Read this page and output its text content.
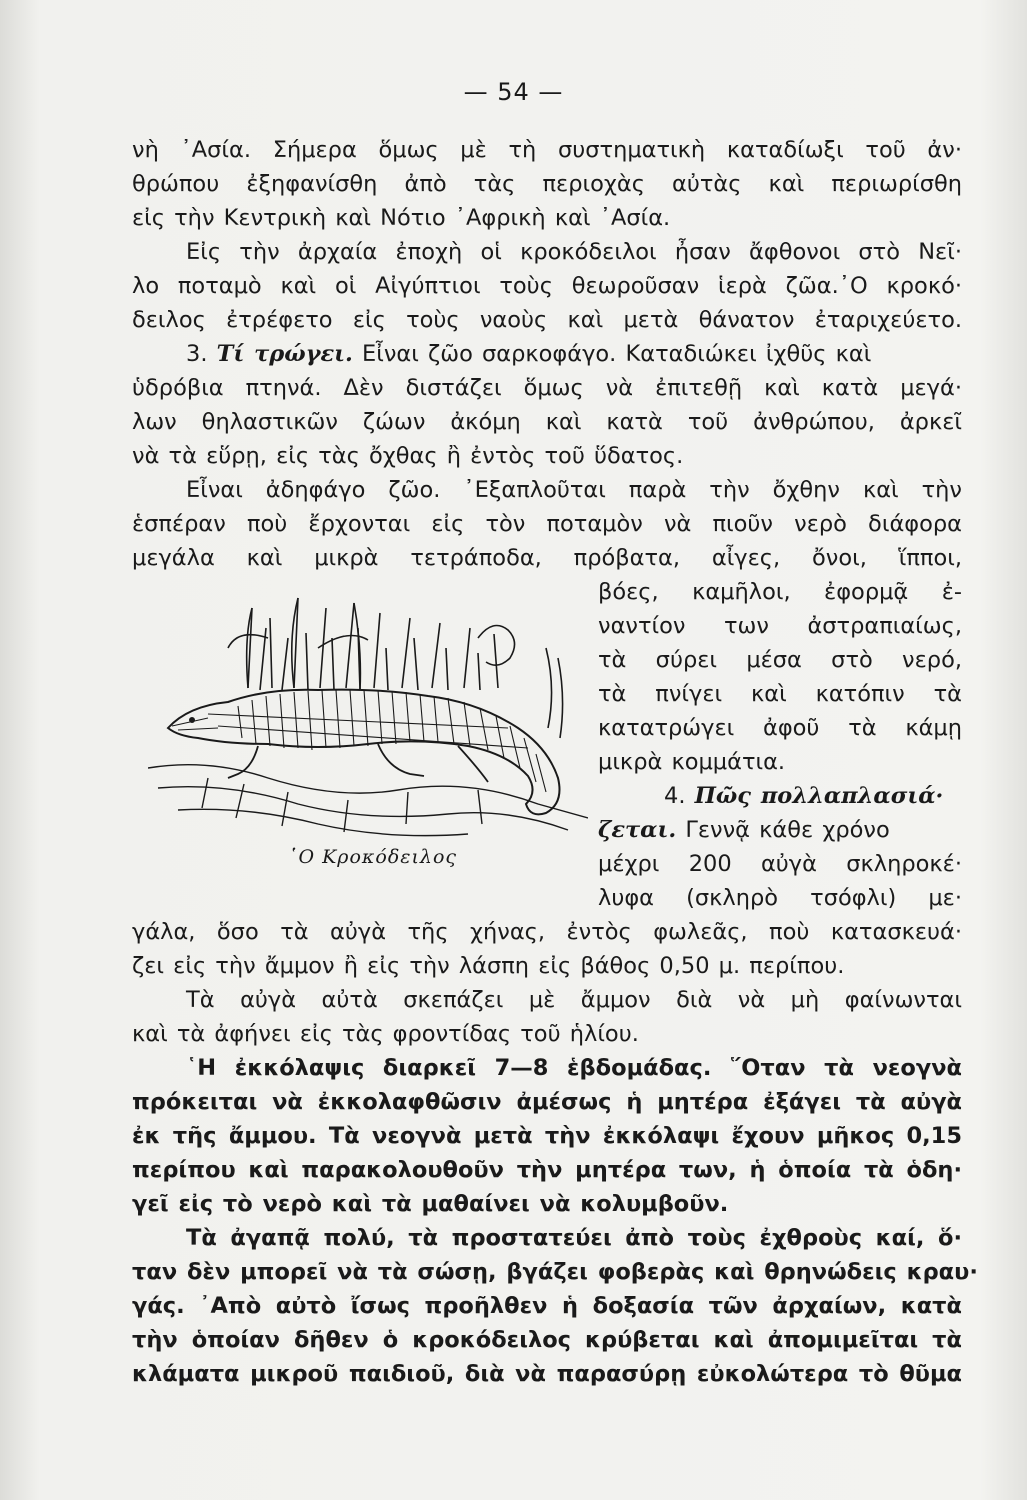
— 54 —
νὴ ᾿Ασία. Σήμερα ὅμως μὲ τὴ συστηματικὴ καταδίωξι τοῦ ἀν·
θρώπου ἐξηφανίσθη ἀπὸ τὰς περιοχὰς αὐτὰς καὶ περιωρίσθη
εἰς τὴν Κεντρικὴ καὶ Νότιο ᾿Αφρικὴ καὶ ᾿Ασία.
Εἰς τὴν ἀρχαία ἐποχὴ οἱ κροκόδειλοι ἦσαν ἄφθονοι στὸ Νεῖ·
λο ποταμὸ καὶ οἱ Αἰγύπτιοι τοὺς θεωροῦσαν ἱερὰ ζῶα.᾿Ο κροκό·
δειλος ἐτρέφετο εἰς τοὺς ναοὺς καὶ μετὰ θάνατον ἐταριχεύετο.
3. Τί τρώγει. Εἶναι ζῶο σαρκοφάγο. Καταδιώκει ἰχθῦς καὶ
ὑδρόβια πτηνά. Δὲν διστάζει ὅμως νὰ ἐπιτεθῇ καὶ κατὰ μεγά·
λων θηλαστικῶν ζώων ἀκόμη καὶ κατὰ τοῦ ἀνθρώπου, ἀρκεῖ
νὰ τὰ εὕρῃ, εἰς τὰς ὄχθας ἢ ἐντὸς τοῦ ὕδατος.
Εἶναι ἀδηφάγο ζῶο. ᾿Εξαπλοῦται παρὰ τὴν ὄχθην καὶ τὴν
ἑσπέραν ποὺ ἔρχονται εἰς τὸν ποταμὸν νὰ πιοῦν νερὸ διάφορα
μεγάλα καὶ μικρὰ τετράποδα, πρόβατα, αἶγες, ὄνοι, ἵπποι,
βόες, καμῆλοι, ἐφορμᾷ ἐ-
ναντίον των ἀστραπιαίως,
τὰ σύρει μέσα στὸ νερό,
τὰ πνίγει καὶ κατόπιν τὰ
κατατρώγει ἀφοῦ τὰ κάμῃ
μικρὰ κομμάτια.
4. Πῶς πολλαπλασιά·
ζεται. Γεννᾷ κάθε χρόνο
μέχρι 200 αὐγὰ σκληροκέ·
λυφα (σκληρὸ τσόφλι) με·
γάλα, ὅσο τὰ αὐγὰ τῆς χήνας, ἐντὸς φωλεᾶς, ποὺ κατασκευά·
ζει εἰς τὴν ἄμμον ἢ εἰς τὴν λάσπη εἰς βάθος 0,50 μ. περίπου.
Τὰ αὐγὰ αὐτὰ σκεπάζει μὲ ἄμμον διὰ νὰ μὴ φαίνωνται
καὶ τὰ ἀφήνει εἰς τὰς φροντίδας τοῦ ἡλίου.
῾Η ἐκκόλαψις διαρκεῖ 7—8 ἑβδομάδας. ῞Οταν τὰ νεογνὰ
πρόκειται νὰ ἐκκολαφθῶσιν ἀμέσως ἡ μητέρα ἐξάγει τὰ αὐγὰ
ἐκ τῆς ἄμμου. Τὰ νεογνὰ μετὰ τὴν ἐκκόλαψι ἔχουν μῆκος 0,15
περίπου καὶ παρακολουθοῦν τὴν μητέρα των, ἡ ὁποία τὰ ὁδη·
γεῖ εἰς τὸ νερὸ καὶ τὰ μαθαίνει νὰ κολυμβοῦν.
Τὰ ἀγαπᾷ πολύ, τὰ προστατεύει ἀπὸ τοὺς ἐχθροὺς καί, ὅ·
ταν δὲν μπορεῖ νὰ τὰ σώσῃ, βγάζει φοβερὰς καὶ θρηνώδεις κραυ·
γάς. ᾿Απὸ αὐτὸ ἴσως προῆλθεν ἡ δοξασία τῶν ἀρχαίων, κατὰ
τὴν ὁποίαν δῆθεν ὁ κροκόδειλος κρύβεται καὶ ἀπομιμεῖται τὰ
κλάματα μικροῦ παιδιοῦ, διὰ νὰ παρασύρῃ εὐκολώτερα τὸ θῦμα
῾Ο Κροκόδειλος
